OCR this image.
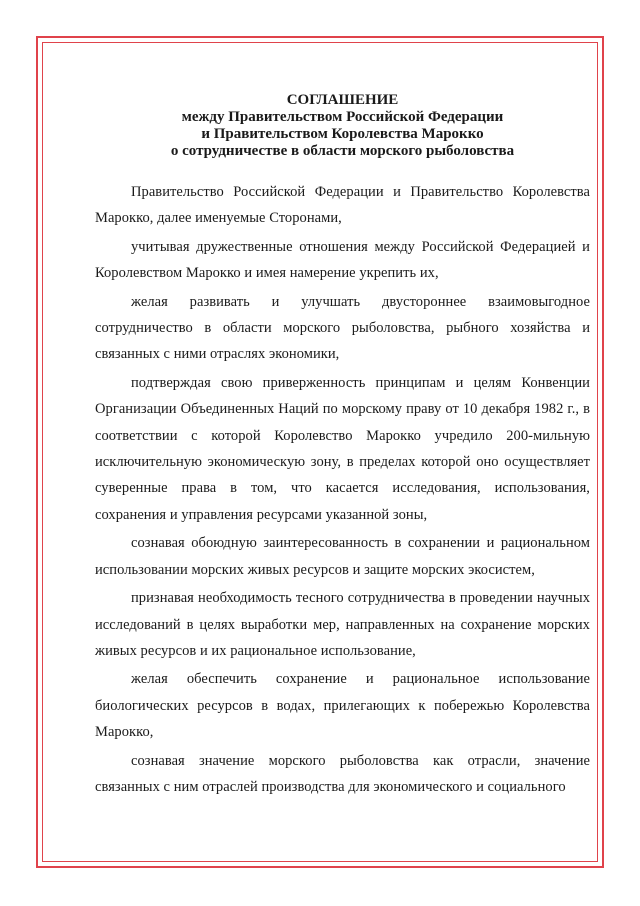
СОГЛАШЕНИЕ
между Правительством Российской Федерации
и Правительством Королевства Марокко
о сотрудничестве в области морского рыболовства

Правительство Российской Федерации и Правительство Королевства Марокко, далее именуемые Сторонами,

учитывая дружественные отношения между Российской Федерацией и Королевством Марокко и имея намерение укрепить их,

желая развивать и улучшать двустороннее взаимовыгодное сотрудничество в области морского рыболовства, рыбного хозяйства и связанных с ними отраслях экономики,

подтверждая свою приверженность принципам и целям Конвенции Организации Объединенных Наций по морскому праву от 10 декабря 1982 г., в соответствии с которой Королевство Марокко учредило 200-мильную исключительную экономическую зону, в пределах которой оно осуществляет суверенные права в том, что касается исследования, использования, сохранения и управления ресурсами указанной зоны,

сознавая обоюдную заинтересованность в сохранении и рациональном использовании морских живых ресурсов и защите морских экосистем,

признавая необходимость тесного сотрудничества в проведении научных исследований в целях выработки мер, направленных на сохранение морских живых ресурсов и их рациональное использование,

желая обеспечить сохранение и рациональное использование биологических ресурсов в водах, прилегающих к побережью Королевства Марокко,

сознавая значение морского рыболовства как отрасли, значение связанных с ним отраслей производства для экономического и социального
